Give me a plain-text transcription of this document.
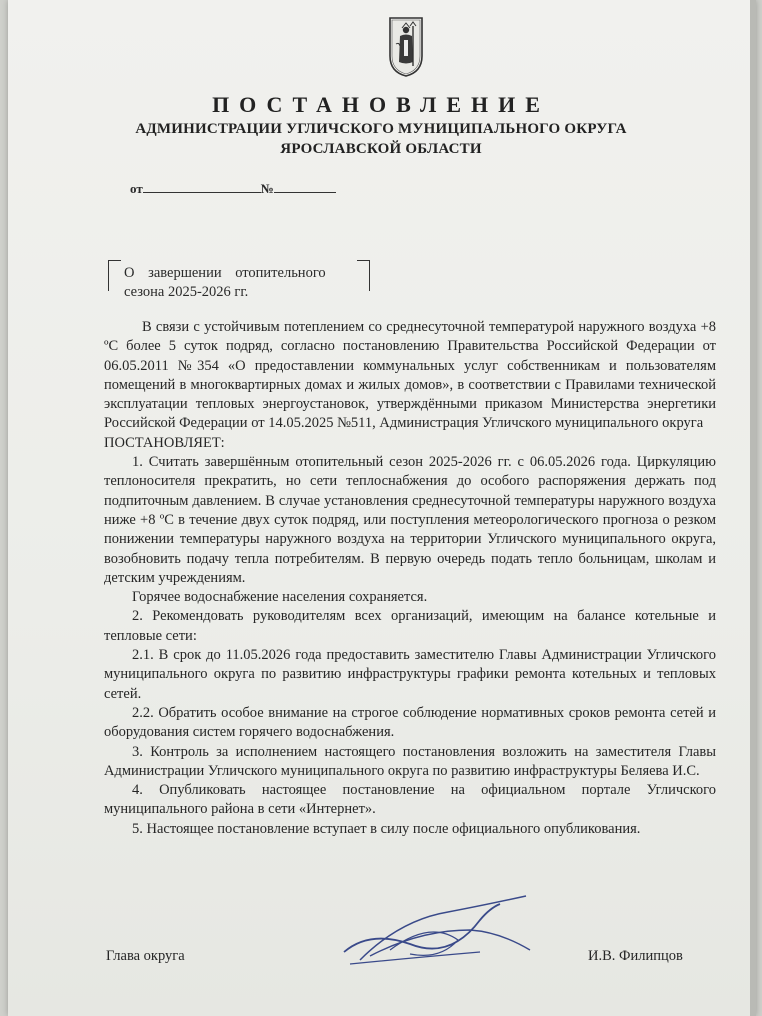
ПОСТАНОВЛЕНИЕ
АДМИНИСТРАЦИИ УГЛИЧСКОГО МУНИЦИПАЛЬНОГО ОКРУГА
ЯРОСЛАВСКОЙ ОБЛАСТИ
от	№
О завершении отопительного
сезона 2025-2026 гг.

В связи с устойчивым потеплением со среднесуточной температурой наружного воздуха +8 ºС более 5 суток подряд, согласно постановлению Правительства Российской Федерации от 06.05.2011 №354 «О предоставлении коммунальных услуг собственникам и пользователям помещений в многоквартирных домах и жилых домов», в соответствии с Правилами технической эксплуатации тепловых энергоустановок, утверждёнными приказом Министерства энергетики Российской Федерации от 14.05.2025 №511, Администрация Угличского муниципального округа

ПОСТАНОВЛЯЕТ:

1. Считать завершённым отопительный сезон 2025-2026 гг. с 06.05.2026 года. Циркуляцию теплоносителя прекратить, но сети теплоснабжения до особого распоряжения держать под подпиточным давлением. В случае установления среднесуточной температуры наружного воздуха ниже +8 ºС в течение двух суток подряд, или поступления метеорологического прогноза о резком понижении температуры наружного воздуха на территории Угличского муниципального округа, возобновить подачу тепла потребителям. В первую очередь подать тепло больницам, школам и детским учреждениям.

Горячее водоснабжение населения сохраняется.

2. Рекомендовать руководителям всех организаций, имеющим на балансе котельные и тепловые сети:

2.1. В срок до 11.05.2026 года предоставить заместителю Главы Администрации Угличского муниципального округа по развитию инфраструктуры графики ремонта котельных и тепловых сетей.

2.2. Обратить особое внимание на строгое соблюдение нормативных сроков ремонта сетей и оборудования систем горячего водоснабжения.

3. Контроль за исполнением настоящего постановления возложить на заместителя Главы Администрации Угличского муниципального округа по развитию инфраструктуры Беляева И.С.

4. Опубликовать настоящее постановление на официальном портале Угличского муниципального района в сети «Интернет».

5. Настоящее постановление вступает в силу после официального опубликования.

Глава округа	И.В. Филипцов
